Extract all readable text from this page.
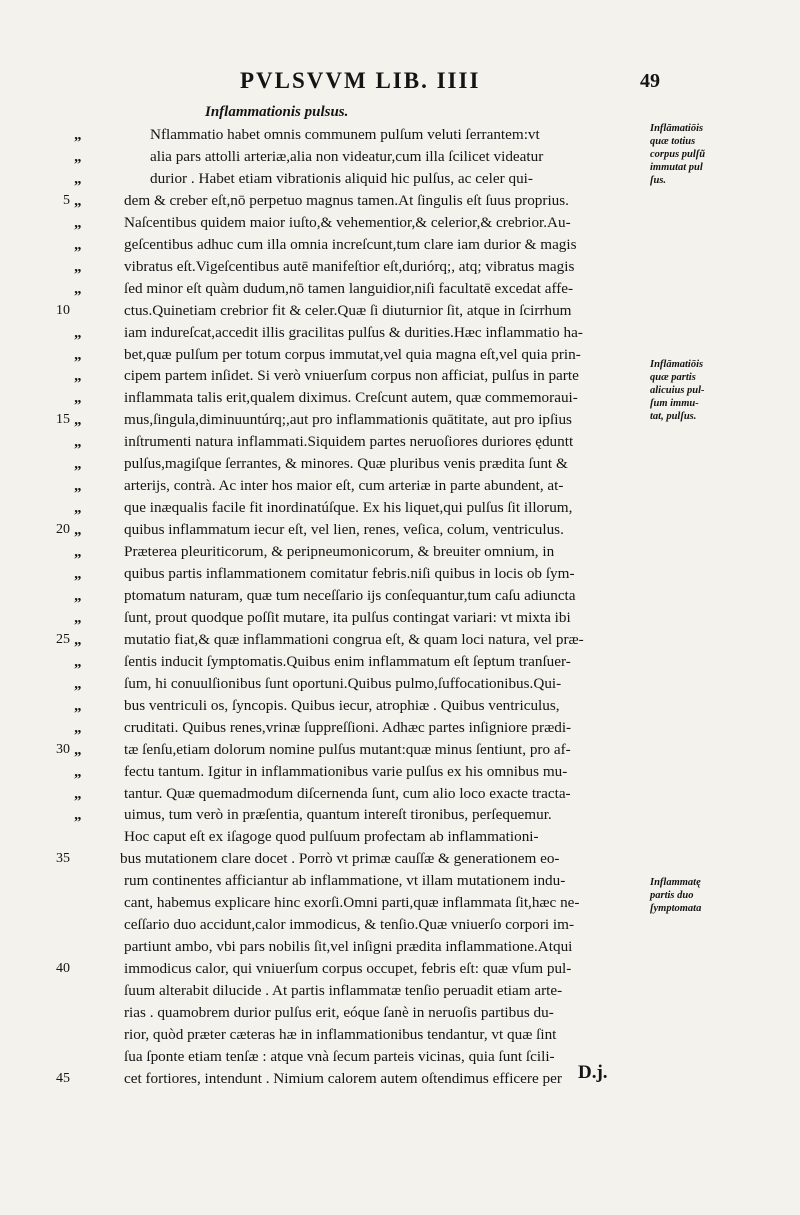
PVLSVVM LIB. IIII	49
Inflammationis pulsus.
„	Nflammatio habet omnis communem pulſum veluti ſerrantem:vt
„	alia pars attolli arteriæ,alia non videatur,cum illa ſcilicet videatur
„	durior . Habet etiam vibrationis aliquid hic pulſus, ac celer qui-
„
5	dem & creber eſt,nō perpetuo magnus tamen.At ſingulis eſt ſuus proprius.
„	Naſcentibus quidem maior iuſto,& vehementior,& celerior,& crebrior.Au-
„	geſcentibus adhuc cum illa omnia increſcunt,tum clare iam durior & magis
„	vibratus eſt.Vigeſcentibus autē manifeſtior eſt,duriórq;, atq; vibratus magis
„	ſed minor eſt quàm dudum,nō tamen languidior,niſi facultatē excedat affe-
10	ctus.Quinetiam crebrior fit & celer.Quæ ſi diuturnior ſit, atque in ſcirrhum
„	iam indureſcat,accedit illis gracilitas pulſus & durities.Hæc inflammatio ha-
„	bet,quæ pulſum per totum corpus immutat,vel quia magna eſt,vel quia prin-
„	cipem partem inſidet. Si verò vniuerſum corpus non afficiat, pulſus in parte
„	inflammata talis erit,qualem diximus. Creſcunt autem, quæ commemoraui-
„
15	mus,ſingula,diminuuntúrq;,aut pro inflammationis quātitate, aut pro ipſius
„	inſtrumenti natura inflammati.Siquidem partes neruoſiores duriores ęduntt
„	pulſus,magiſque ſerrantes, & minores. Quæ pluribus venis prædita ſunt &
„	arterijs, contrà. Ac inter hos maior eſt, cum arteriæ in parte abundent, at-
„	que inæqualis facile fit inordinatúſque. Ex his liquet,qui pulſus ſit illorum,
„
20	quibus inflammatum iecur eſt, vel lien, renes, veſica, colum, ventriculus.
„	Præterea pleuriticorum, & peripneumonicorum, & breuiter omnium, in
„	quibus partis inflammationem comitatur febris.niſi quibus in locis ob ſym-
„	ptomatum naturam, quæ tum neceſſario ijs conſequantur,tum caſu adiuncta
„	ſunt, prout quodque poſſit mutare, ita pulſus contingat variari: vt mixta ibi
„
25	mutatio fiat,& quæ inflammationi congrua eſt, & quam loci natura, vel præ-
„	ſentis inducit ſymptomatis.Quibus enim inflammatum eſt ſeptum tranſuer-
„	ſum, hi conuulſionibus ſunt oportuni.Quibus pulmo,ſuffocationibus.Qui-
„	bus ventriculi os, ſyncopis. Quibus iecur, atrophiæ . Quibus ventriculus,
„	cruditati. Quibus renes,vrinæ ſuppreſſioni. Adhæc partes inſigniore prædi-
„
30	tæ ſenſu,etiam dolorum nomine pulſus mutant:quæ minus ſentiunt, pro af-
„	fectu tantum. Igitur in inflammationibus varie pulſus ex his omnibus mu-
„	tantur. Quæ quemadmodum diſcernenda ſunt, cum alio loco exacte tracta-
„	uimus, tum verò in præſentia, quantum intereſt tironibus, perſequemur.
Hoc caput eſt ex iſagoge quod pulſuum profectam ab inflammationi-
35	bus mutationem clare docet . Porrò vt primæ cauſſæ & generationem eo-
rum continentes afficiantur ab inflammatione, vt illam mutationem indu-
cant, habemus explicare hinc exorſi.Omni parti,quæ inflammata ſit,hæc ne-
ceſſario duo accidunt,calor immodicus, & tenſio.Quæ vniuerſo corpori im-
partiunt ambo, vbi pars nobilis ſit,vel inſigni prædita inflammatione.Atqui
40	immodicus calor, qui vniuerſum corpus occupet, febris eſt: quæ vſum pul-
ſuum alterabit dilucide . At partis inflammatæ tenſio peruadit etiam arte-
rias . quamobrem durior pulſus erit, eóque ſanè in neruoſis partibus du-
rior, quòd præter cæteras hæ in inflammationibus tendantur, vt quæ ſint
ſua ſponte etiam tenſæ : atque vnà ſecum parteis vicinas, quia ſunt ſcili-
45	cet fortiores, intendunt . Nimium calorem autem oſtendimus efficere per
Inflāmatiōis
quæ totius
corpus pulſũ
immutat pul
ſus.
Inflāmatiōis
quæ partis
alicuius pul-
ſum immu-
tat, pulſus.
Inflammatę
partis duo
ſymptomata
D.j.
